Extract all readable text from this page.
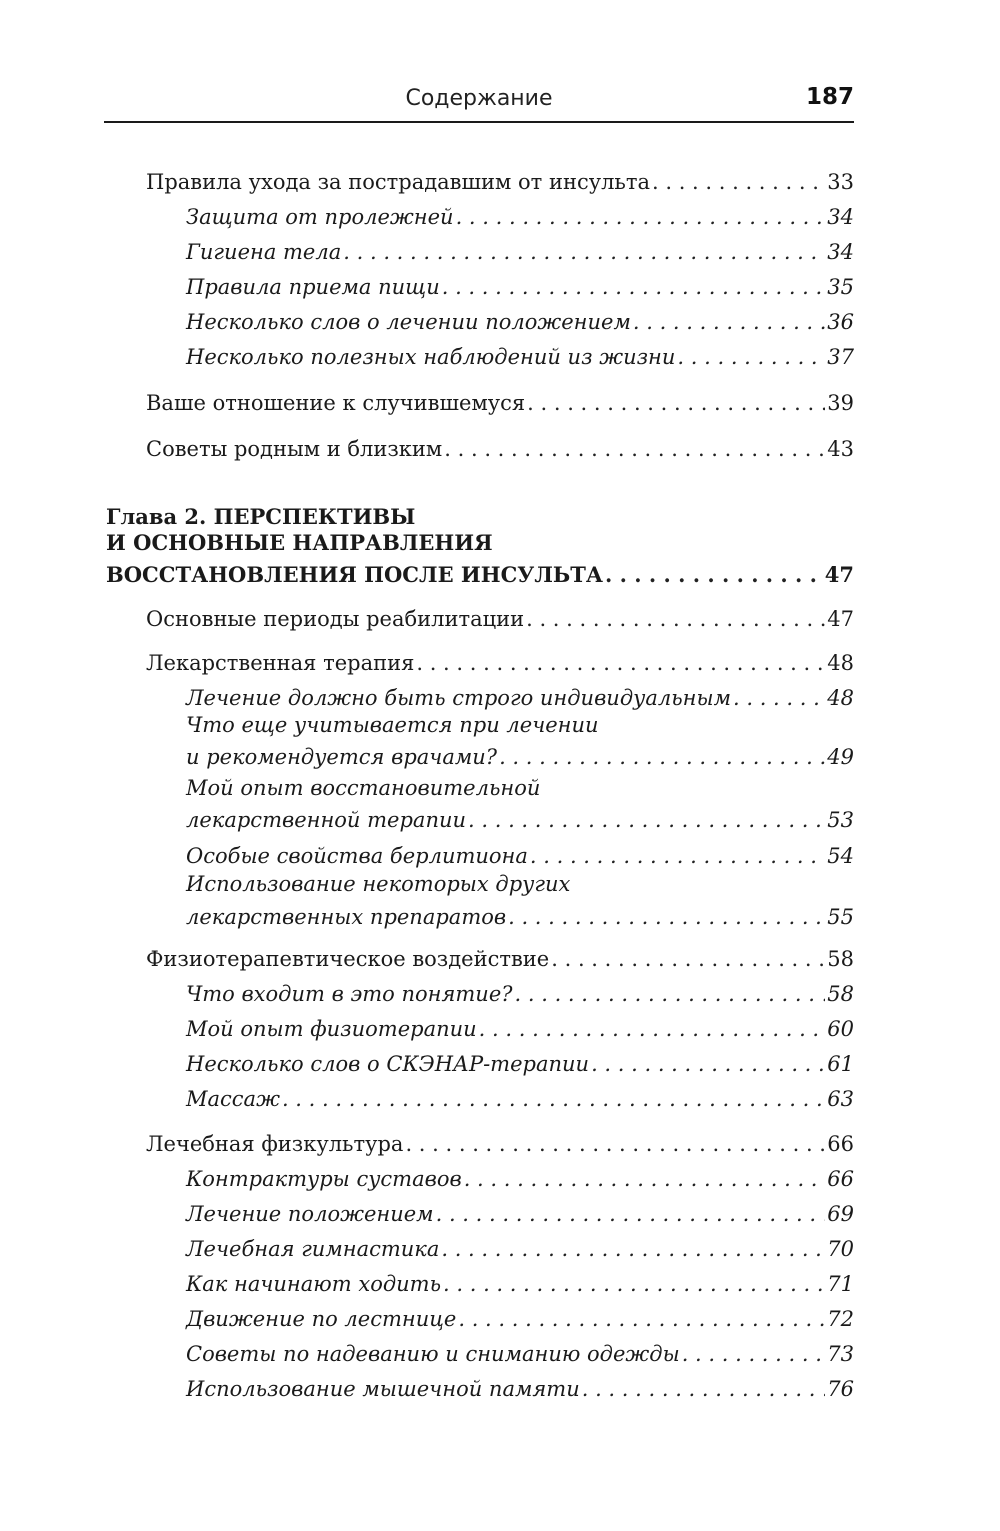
Содержание	187
Правила ухода за пострадавшим от инсульта . . .	33
Защита от пролежней . . .	34
Гигиена тела . . .	34
Правила приема пищи . . .	35
Несколько слов о лечении положением . . .	36
Несколько полезных наблюдений из жизни . . .	37
Ваше отношение к случившемуся . . .	39
Советы родным и близким . . .	43
Глава 2. ПЕРСПЕКТИВЫ
И ОСНОВНЫЕ НАПРАВЛЕНИЯ
ВОССТАНОВЛЕНИЯ ПОСЛЕ ИНСУЛЬТА . . .	47
Основные периоды реабилитации . . .	47
Лекарственная терапия . . .	48
Лечение должно быть строго индивидуальным . . .	48
Что еще учитывается при лечении
и рекомендуется врачами? . . .	49
Мой опыт восстановительной
лекарственной терапии . . .	53
Особые свойства берлитиона . . .	54
Использование некоторых других
лекарственных препаратов . . .	55
Физиотерапевтическое воздействие . . .	58
Что входит в это понятие? . . .	58
Мой опыт физиотерапии . . .	60
Несколько слов о СКЭНАР-терапии . . .	61
Массаж . . .	63
Лечебная физкультура . . .	66
Контрактуры суставов . . .	66
Лечение положением . . .	69
Лечебная гимнастика . . .	70
Как начинают ходить . . .	71
Движение по лестнице . . .	72
Советы по надеванию и сниманию одежды . . .	73
Использование мышечной памяти . . .	76
